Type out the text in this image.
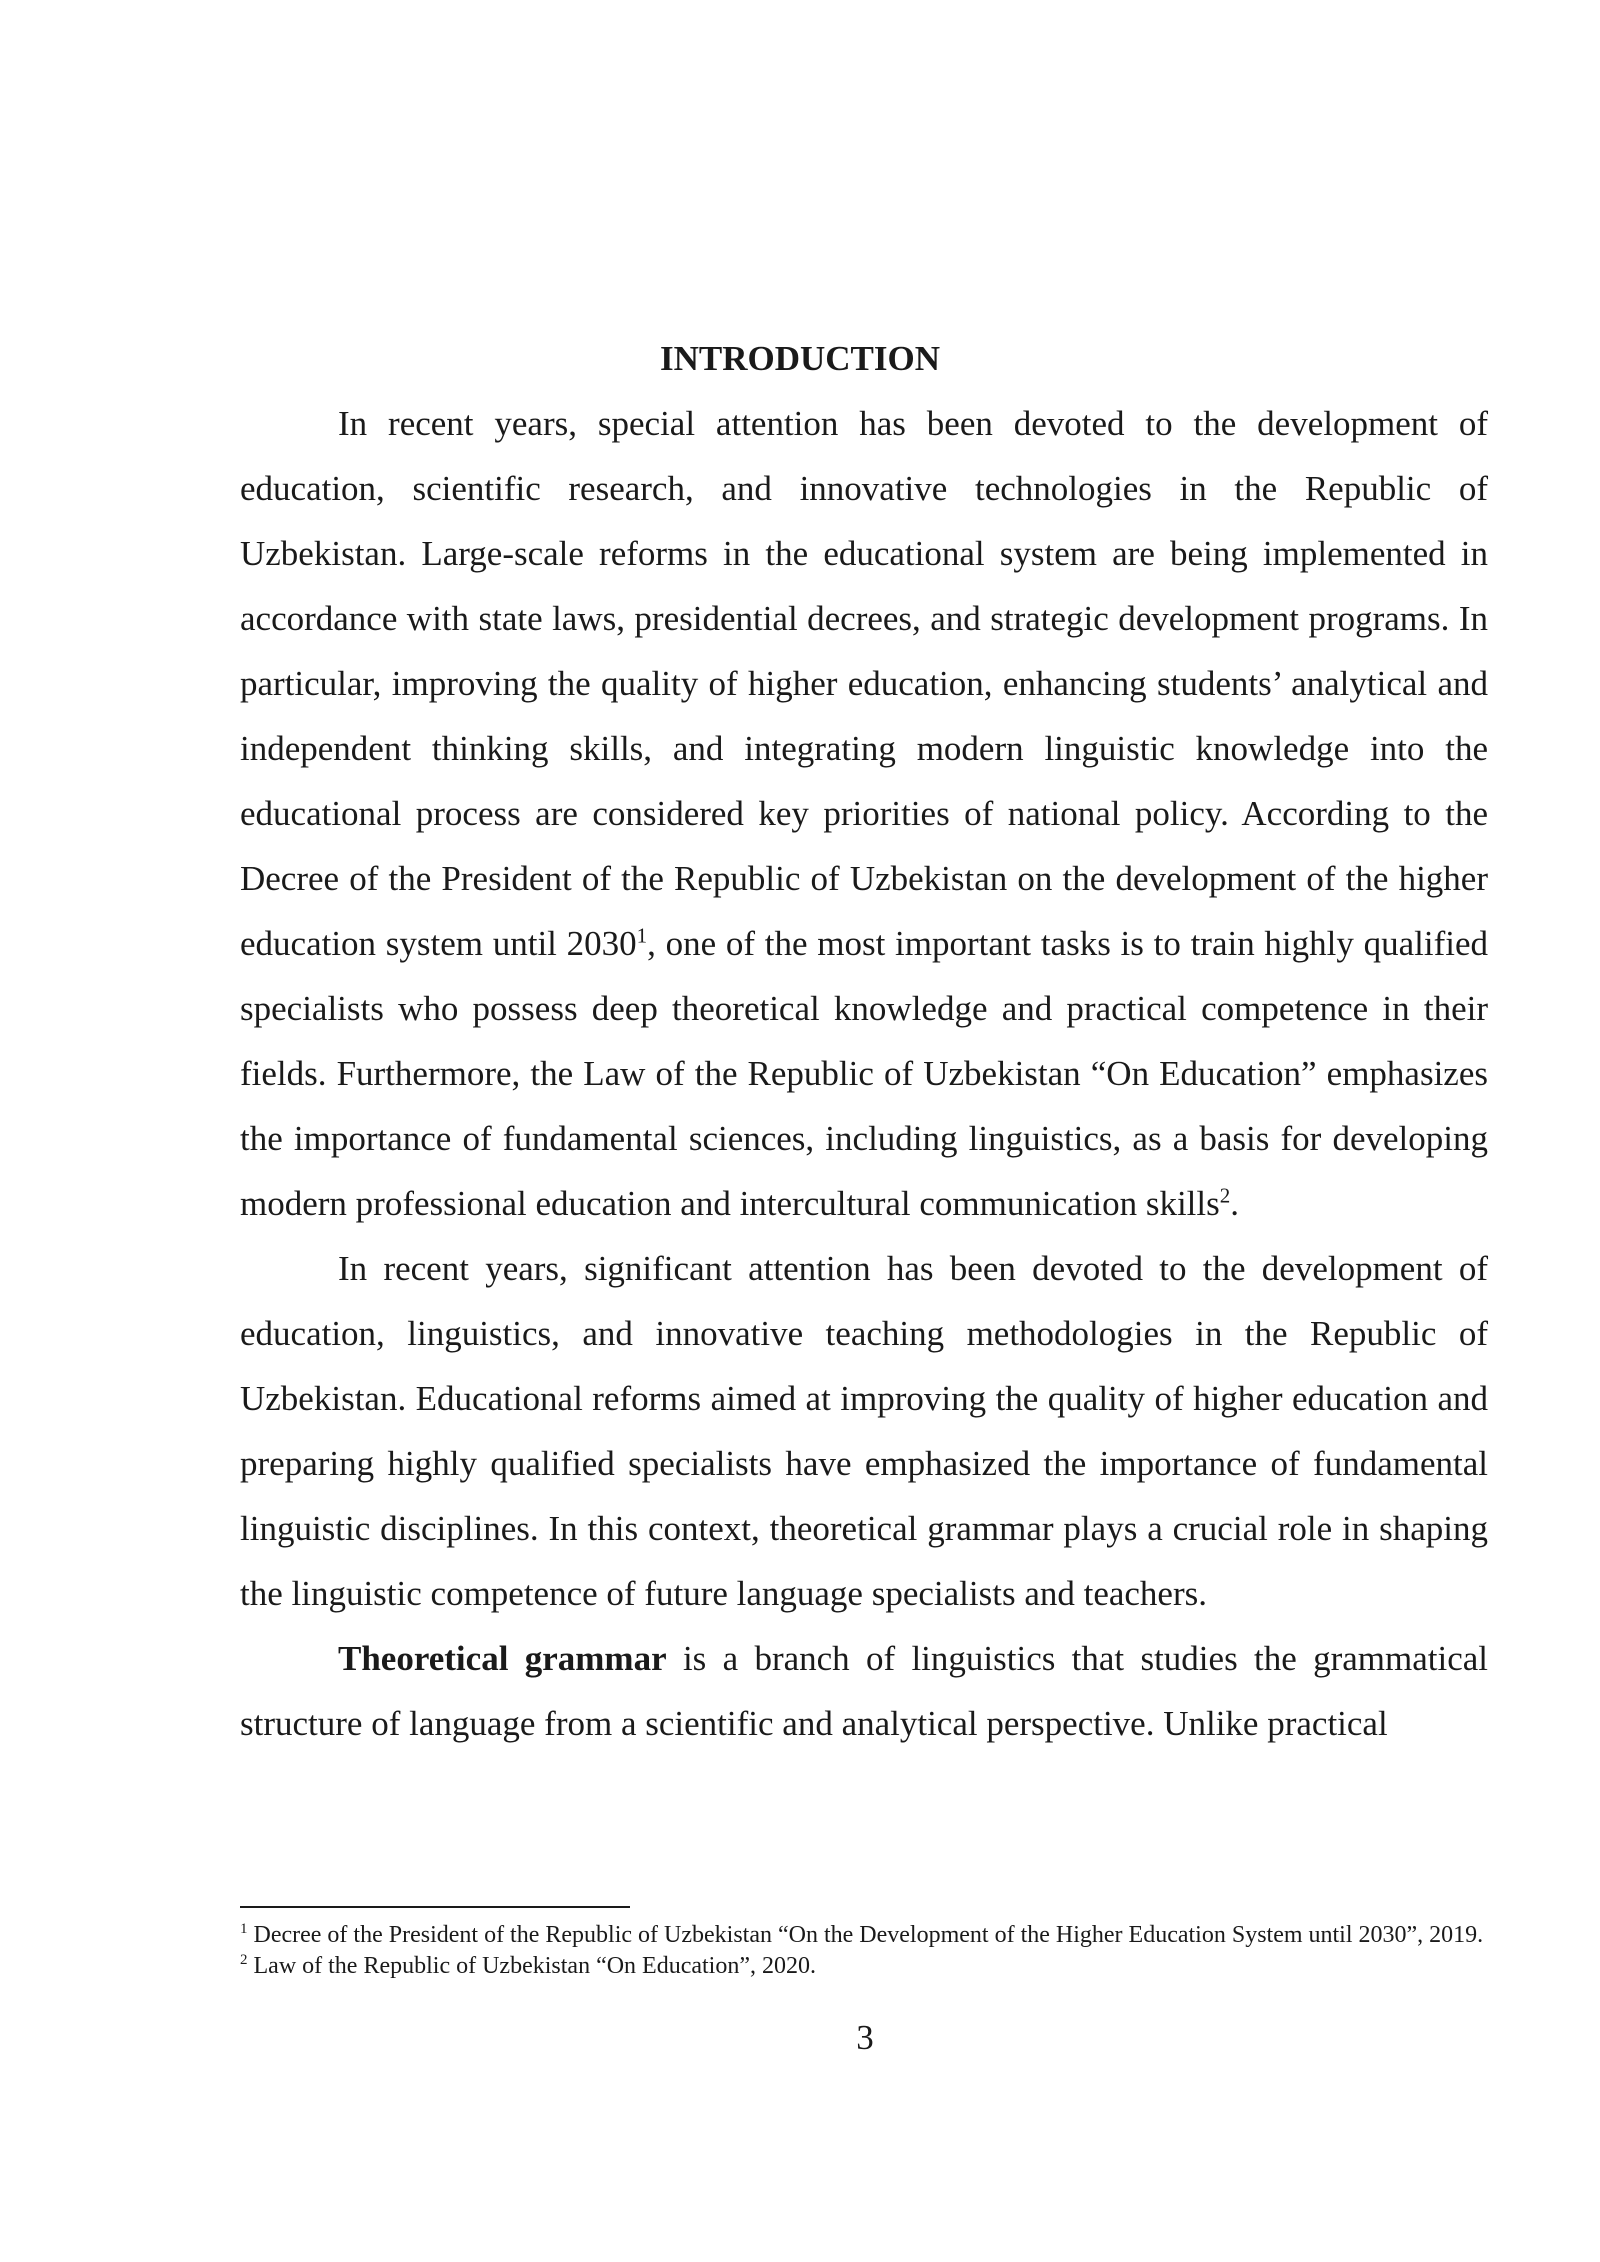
INTRODUCTION

In recent years, special attention has been devoted to the development of education, scientific research, and innovative technologies in the Republic of Uzbekistan. Large-scale reforms in the educational system are being implemented in accordance with state laws, presidential decrees, and strategic development programs. In particular, improving the quality of higher education, enhancing students’ analytical and independent thinking skills, and integrating modern linguistic knowledge into the educational process are considered key priorities of national policy. According to the Decree of the President of the Republic of Uzbekistan on the development of the higher education system until 2030$^1$, one of the most important tasks is to train highly qualified specialists who possess deep theoretical knowledge and practical competence in their fields. Furthermore, the Law of the Republic of Uzbekistan “On Education” emphasizes the importance of fundamental sciences, including linguistics, as a basis for developing modern professional education and intercultural communication skills$^2$.

In recent years, significant attention has been devoted to the development of education, linguistics, and innovative teaching methodologies in the Republic of Uzbekistan. Educational reforms aimed at improving the quality of higher education and preparing highly qualified specialists have emphasized the importance of fundamental linguistic disciplines. In this context, theoretical grammar plays a crucial role in shaping the linguistic competence of future language specialists and teachers.

Theoretical grammar is a branch of linguistics that studies the grammatical structure of language from a scientific and analytical perspective. Unlike practical

$^1$ Decree of the President of the Republic of Uzbekistan “On the Development of the Higher Education System until 2030”, 2019.

$^2$ Law of the Republic of Uzbekistan “On Education”, 2020.

3
